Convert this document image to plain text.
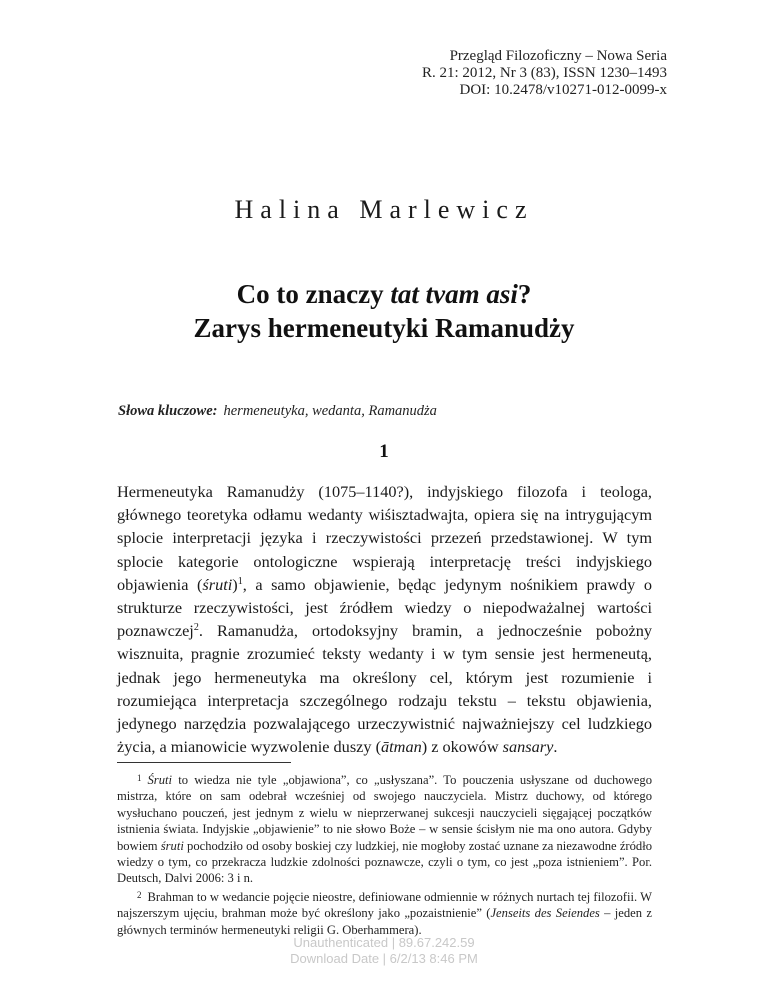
Przegląd Filozoficzny – Nowa Seria
R. 21: 2012, Nr 3 (83), ISSN 1230–1493
DOI: 10.2478/v10271-012-0099-x
Halina Marlewicz
Co to znaczy tat tvam asi?
Zarys hermeneutyki Ramanudży
Słowa kluczowe: hermeneutyka, wedanta, Ramanudża
1

Hermeneutyka Ramanudży (1075–1140?), indyjskiego filozofa i teologa, głównego teoretyka odłamu wedanty wiśisztadwajta, opiera się na intrygującym splocie interpretacji języka i rzeczywistości przezeń przedstawionej. W tym splocie kategorie ontologiczne wspierają interpretację treści indyjskiego objawienia (śruti)$^1$, a samo objawienie, będąc jedynym nośnikiem prawdy o strukturze rzeczywistości, jest źródłem wiedzy o niepodważalnej wartości poznawczej$^2$. Ramanudża, ortodoksyjny bramin, a jednocześnie pobożny wisznuita, pragnie zrozumieć teksty wedanty i w tym sensie jest hermeneutą, jednak jego hermeneutyka ma określony cel, którym jest rozumienie i rozumiejąca interpretacja szczególnego rodzaju tekstu – tekstu objawienia, jedynego narzędzia pozwalającego urzeczywistnić najważniejszy cel ludzkiego życia, a mianowicie wyzwolenie duszy (ātman) z okowów sansary.

$^1$ Śruti to wiedza nie tyle „objawiona”, co „usłyszana”. To pouczenia usłyszane od duchowego mistrza, które on sam odebrał wcześniej od swojego nauczyciela. Mistrz duchowy, od którego wysłuchano pouczeń, jest jednym z wielu w nieprzerwanej sukcesji nauczycieli sięgającej początków istnienia świata. Indyjskie „objawienie” to nie słowo Boże – w sensie ścisłym nie ma ono autora. Gdyby bowiem śruti pochodziło od osoby boskiej czy ludzkiej, nie mogłoby zostać uznane za niezawodne źródło wiedzy o tym, co przekracza ludzkie zdolności poznawcze, czyli o tym, co jest „poza istnieniem”. Por. Deutsch, Dalvi 2006: 3 i n.

$^2$ Brahman to w wedancie pojęcie nieostre, definiowane odmiennie w różnych nurtach tej filozofii. W najszerszym ujęciu, brahman może być określony jako „pozaistnienie” (Jenseits des Seiendes – jeden z głównych terminów hermeneutyki religii G. Oberhammera).

Unauthenticated | 89.67.242.59
Download Date | 6/2/13 8:46 PM
